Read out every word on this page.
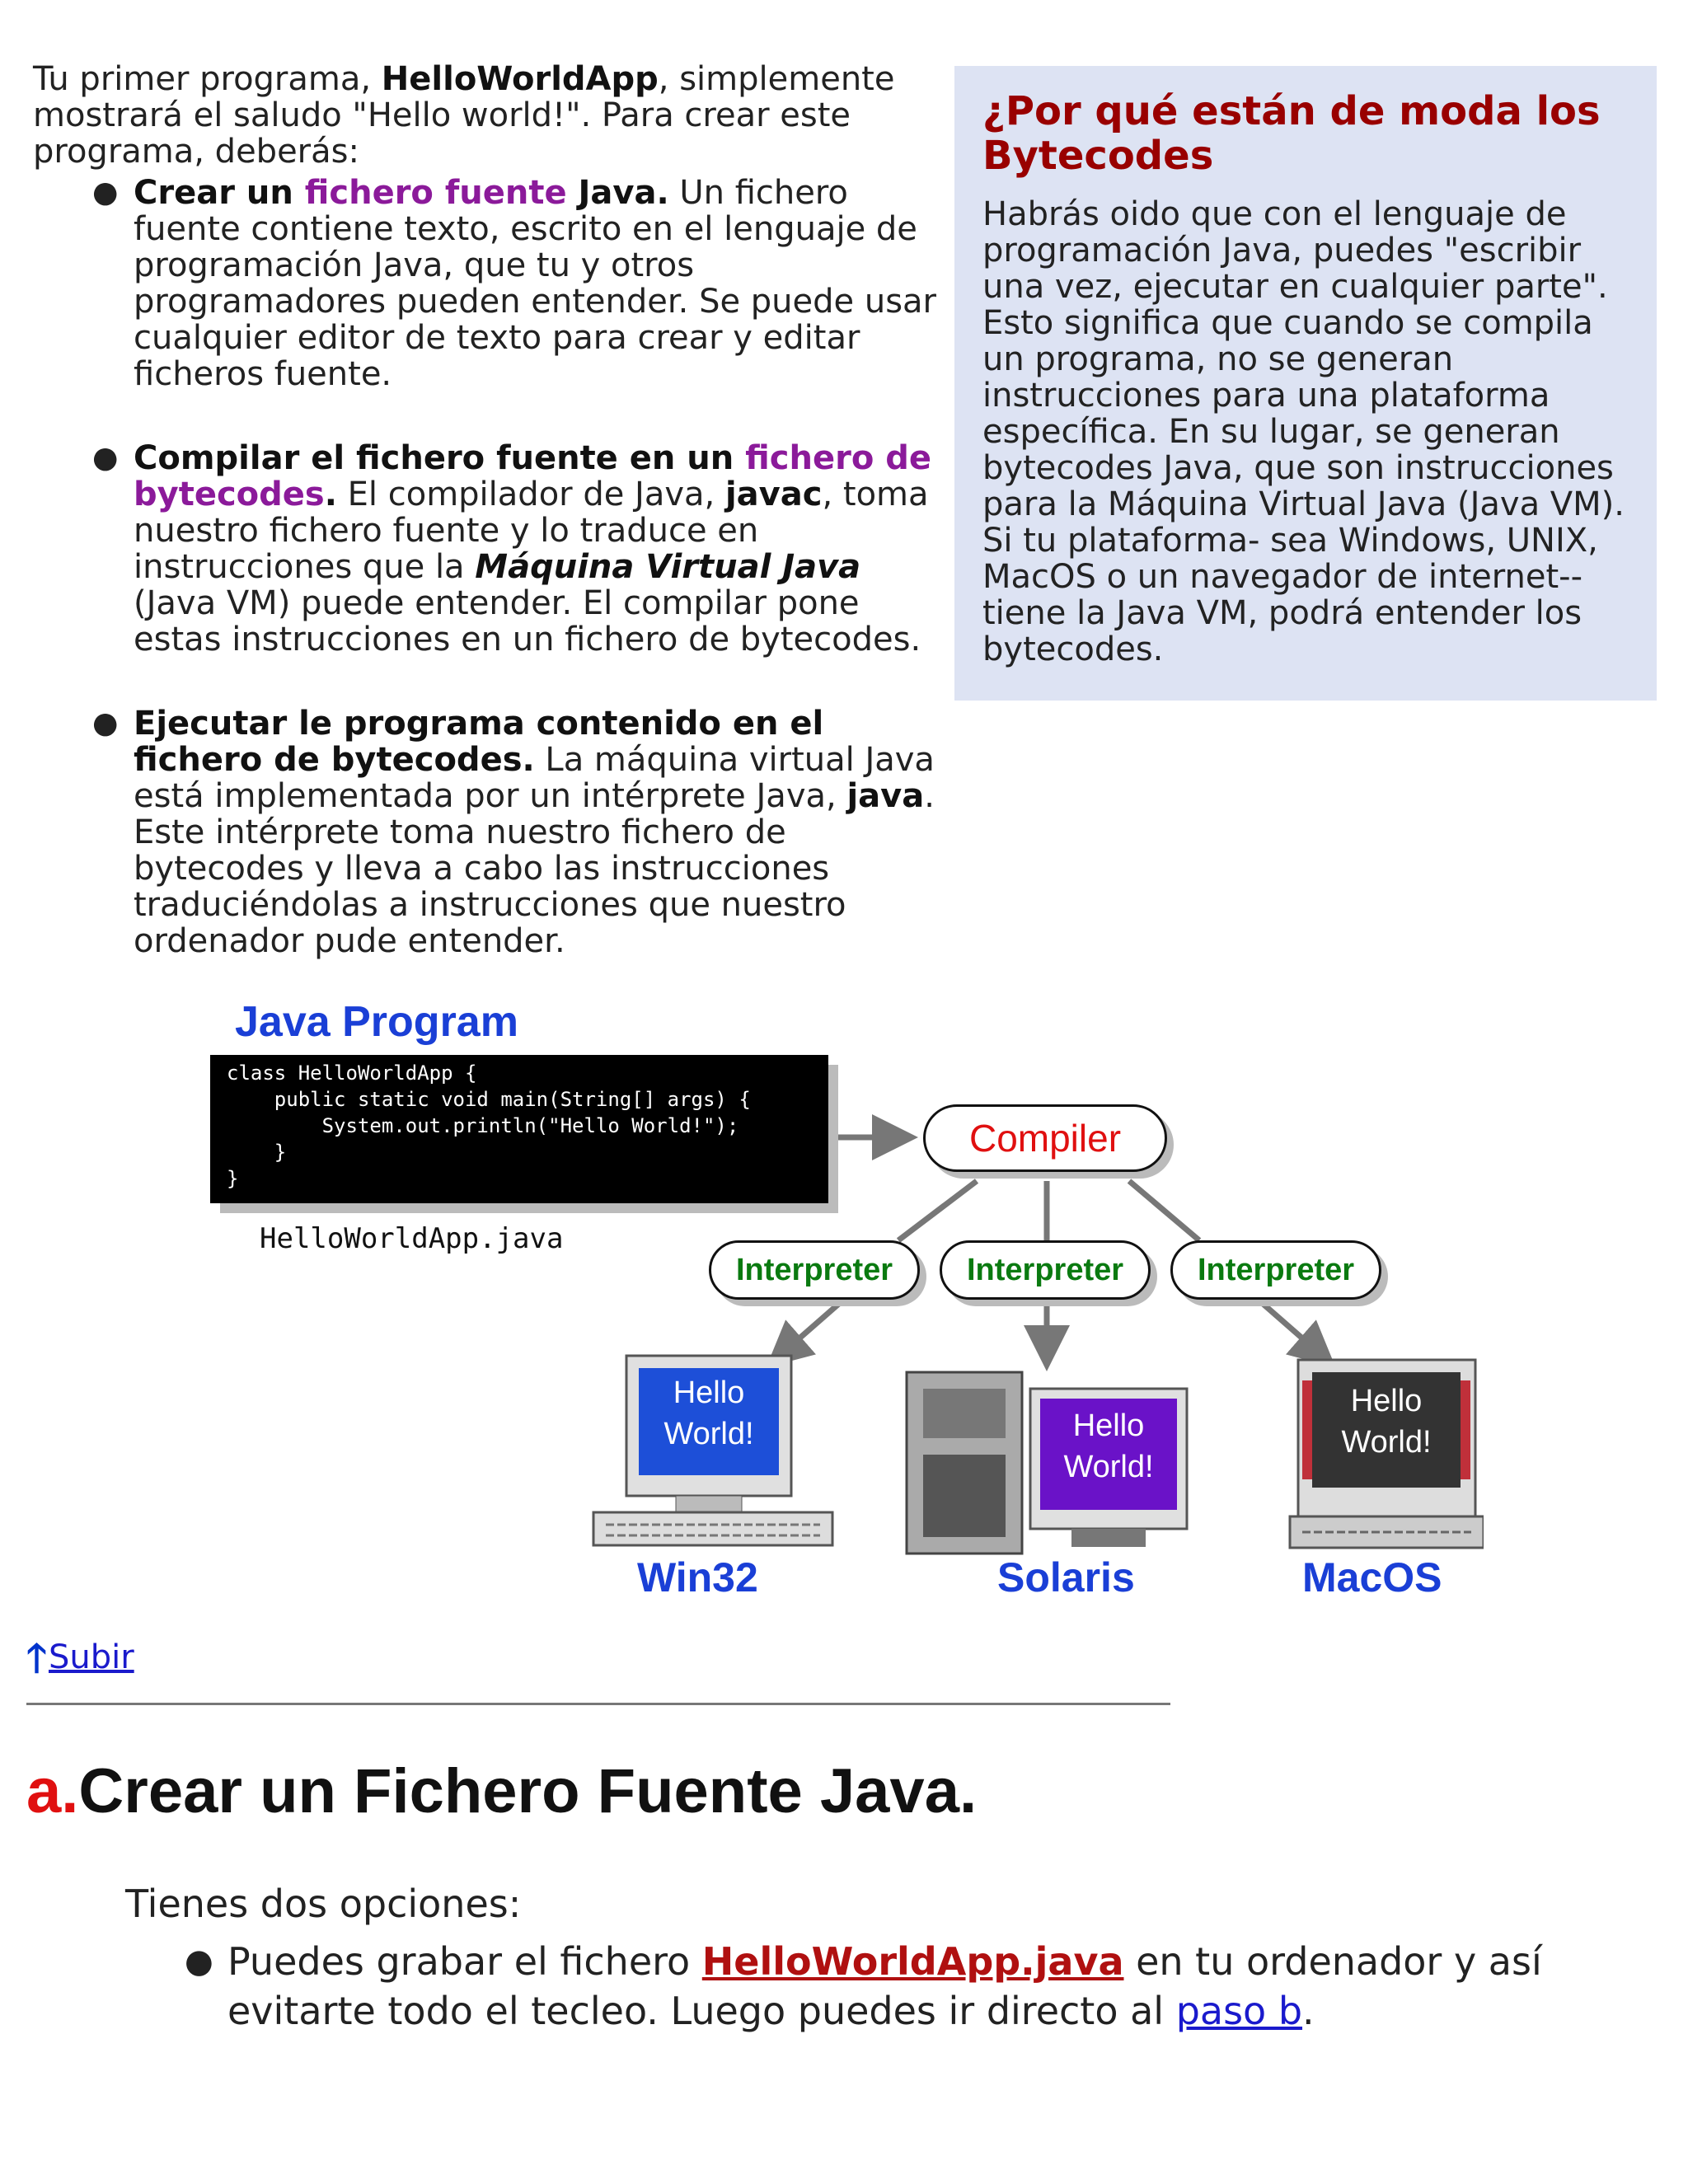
Tu primer programa, HelloWorldApp, simplemente mostrará el saludo "Hello world!". Para crear este programa, deberás:

● Crear un fichero fuente Java. Un fichero fuente contiene texto, escrito en el lenguaje de programación Java, que tu y otros programadores pueden entender. Se puede usar cualquier editor de texto para crear y editar ficheros fuente.
● Compilar el fichero fuente en un fichero de bytecodes. El compilador de Java, javac, toma nuestro fichero fuente y lo traduce en instrucciones que la Máquina Virtual Java (Java VM) puede entender. El compilar pone estas instrucciones en un fichero de bytecodes.
● Ejecutar le programa contenido en el fichero de bytecodes. La máquina virtual Java está implementada por un intérprete Java, java. Este intérprete toma nuestro fichero de bytecodes y lleva a cabo las instrucciones traduciéndolas a instrucciones que nuestro ordenador pude entender.
¿Por qué están de moda los Bytecodes

Habrás oido que con el lenguaje de programación Java, puedes "escribir una vez, ejecutar en cualquier parte". Esto significa que cuando se compila un programa, no se generan instrucciones para una plataforma específica. En su lugar, se generan bytecodes Java, que son instrucciones para la Máquina Virtual Java (Java VM). Si tu plataforma- sea Windows, UNIX, MacOS o un navegador de internet-- tiene la Java VM, podrá entender los bytecodes.

Java Program
class HelloWorldApp {
public static void main(String[] args) {
System.out.println("Hello World!");
}
}
HelloWorldApp.java
Compiler
Interpreter	Interpreter	Interpreter
Hello
World!	Hello
World!
Hello
World!
Win32	Solaris	MacOS
🡑 Subir
a.Crear un Fichero Fuente Java.

Tienes dos opciones:

● Puedes grabar el fichero HelloWorldApp.java en tu ordenador y así evitarte todo el tecleo. Luego puedes ir directo al paso b.
